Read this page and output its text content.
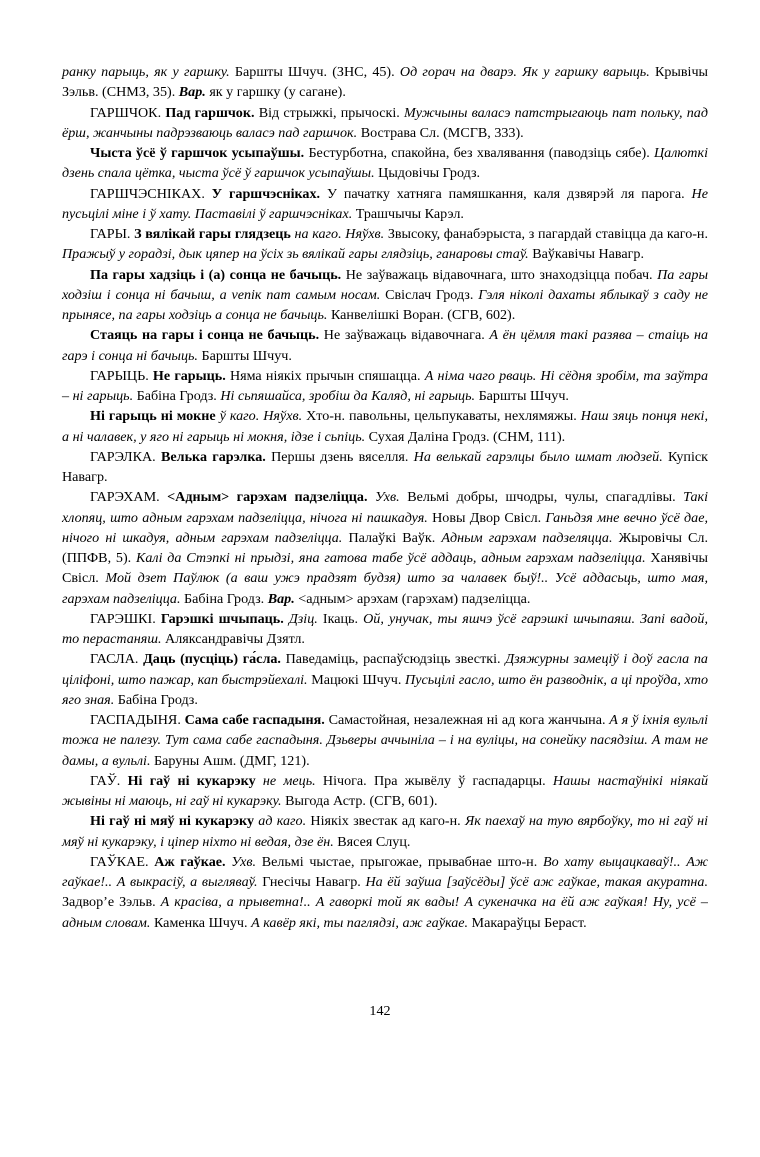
ранку парыць, як у гаршку. Баршты Шчуч. (ЗНС, 45). Од горач на дварэ. Як у гаршку варыць. Крывічы Зэльв. (СНМЗ, 35). Вар. як у гаршку (у сагане).

ГАРШЧОК. Пад гаршчок. Від стрыжкі, прычоскі. Мужчыны валасэ патстрыгаюць пат польку, пад ёрш, жанчыны падрэзваюць валасэ пад гаршчок. Вострава Сл. (МСГВ, 333).

Чыста ўсё ў гаршчок усыпаўшы. Бестурботна, спакойна, без хвалявання (паводзіць сябе). Цалюткі дзень спала цётка, чыста ўсё ў гаршчок усыпаўшы. Цыдовічы Гродз.

ГАРШЧЭСНІКАХ. У гаршчэсніках. У пачатку хатняга памяшкання, каля дзвярэй ля парога. Не пусьцілі міне і ў хату. Паставілі ў гаршчэсніках. Трашчычы Карэл.

ГАРЫ. З вялікай гары глядзець на каго. Няўхв. Звысоку, фанабэрыста, з пагардай ставіцца да каго-н. Пражыў у горадзі, дык цяпер на ўсіх зь вялікай гары глядзіць, ганаровы стаў. Ваўкавічы Навагр.

Па гары хадзіць і (а) сонца не бачыць. Не заўважаць відавочнага, што знаходзіцца побач. Па гары ходзіш і сонца ні бачыш, а venік пат самым носам. Свіслач Гродз. Гэля ніколі дахаты яблыкаў з саду не прынясе, па гары ходзіць а сонца не бачыць. Канвелішкі Воран. (СГВ, 602).

Стаяць на гары і сонца не бачыць. Не заўважаць відавочнага. А ён цёмля такі разява – стаіць на гарэ і сонца ні бачыць. Баршты Шчуч.

ГАРЫЦЬ. Не гарыць. Няма ніякіх прычын спяшацца. А німа чаго рваць. Ні сёдня зробім, та заўтра – ні гарыць. Бабіна Гродз. Ні сьпяшайса, зробіш да Каляд, ні гарыць. Баршты Шчуч.

Ні гарыць ні мокне ў каго. Няўхв. Хто-н. павольны, цельпукаваты, нехлямяжы. Наш зяць понця некі, а ні чалавек, у яго ні гарыць ні мокня, ідзе і сьпіць. Сухая Даліна Гродз. (СНМ, 111).

ГАРЭЛКА. Велька гарэлка. Першы дзень вяселля. На велькай гарэлцы было шмат людзей. Купіск Навагр.

ГАРЭХАМ. <Адным> гарэхам падзеліцца. Ухв. Вельмі добры, шчодры, чулы, спагадлівы. Такі хлопяц, што адным гарэхам падзеліцца, нічога ні пашкадуя. Новы Двор Свісл. Ганьдзя мне вечно ўсё дае, нічого ні шкадуя, адным гарэхам падзеліцца. Палаўкі Ваўк. Адным гарэхам падзеляцца. Жыровічы Сл. (ППФВ, 5). Калі да Стэпкі ні прыдзі, яна гатова табе ўсё аддаць, адным гарэхам падзеліцца. Ханявічы Свісл. Мой дзет Паўлюк (а ваш ужэ прадзят будзя) што за чалавек быў!.. Усё аддасьць, што мая, гарэхам падзеліцца. Бабіна Гродз. Вар. <адным> арэхам (гарэхам) падзеліцца.

ГАРЭШКІ. Гарэшкі шчыпаць. Дзіц. Ікаць. Ой, унучак, ты яшчэ ўсё гарэшкі шчыпаяш. Запі вадой, то перастаняш. Аляксандравічы Дзятл.

ГАСЛА. Даць (пусціць) га́сла. Паведаміць, распаўсюдзіць звесткі. Дзяжурны замеціў і доў гасла па ціліфоні, што пажар, кап быстрэйехалі. Мацюкі Шчуч. Пусьцілі гасло, што ён разводнік, а ці проўда, хто яго зная. Бабіна Гродз.

ГАСПАДЫНЯ. Сама сабе гаспадыня. Самастойная, незалежная ні ад кога жанчына. А я ў іхнія вульлі тожа не палезу. Тут сама сабе гаспадыня. Дзьверы аччыніла – і на вуліцы, на сонейку пасядзіш. А там не дамы, а вульлі. Баруны Ашм. (ДМГ, 121).

ГАЎ. Ні гаў ні кукарэку не мець. Нічога. Пра жывёлу ў гаспадарцы. Нашы настаўнікі ніякай жывіны ні маюць, ні гаў ні кукарэку. Выгода Астр. (СГВ, 601).

Ні гаў ні мяў ні кукарэку ад каго. Ніякіх звестак ад каго-н. Як паехаў на тую вярбоўку, то ні гаў ні мяў ні кукарэку, і ціпер ніхто ні ведая, дзе ён. Вясея Слуц.

ГАЎКАЕ. Аж гаўкае. Ухв. Вельмі чыстае, прыгожае, прывабнае што-н. Во хату выцацкаваў!.. Аж гаўкае!.. А выкрасіў, а выглявaў. Гнесічы Навагр. На ёй заўша [заўсёды] ўсё аж гаўкае, такая акуратна. Задвор’е Зэльв. А красіва, а прыветна!.. А гаворкі той як вады! А сукеначка на ёй аж гаўкая! Ну, усё – адным словам. Каменка Шчуч. А кавёр які, ты паглядзі, аж гаўкае. Макараўцы Бераст.

142
